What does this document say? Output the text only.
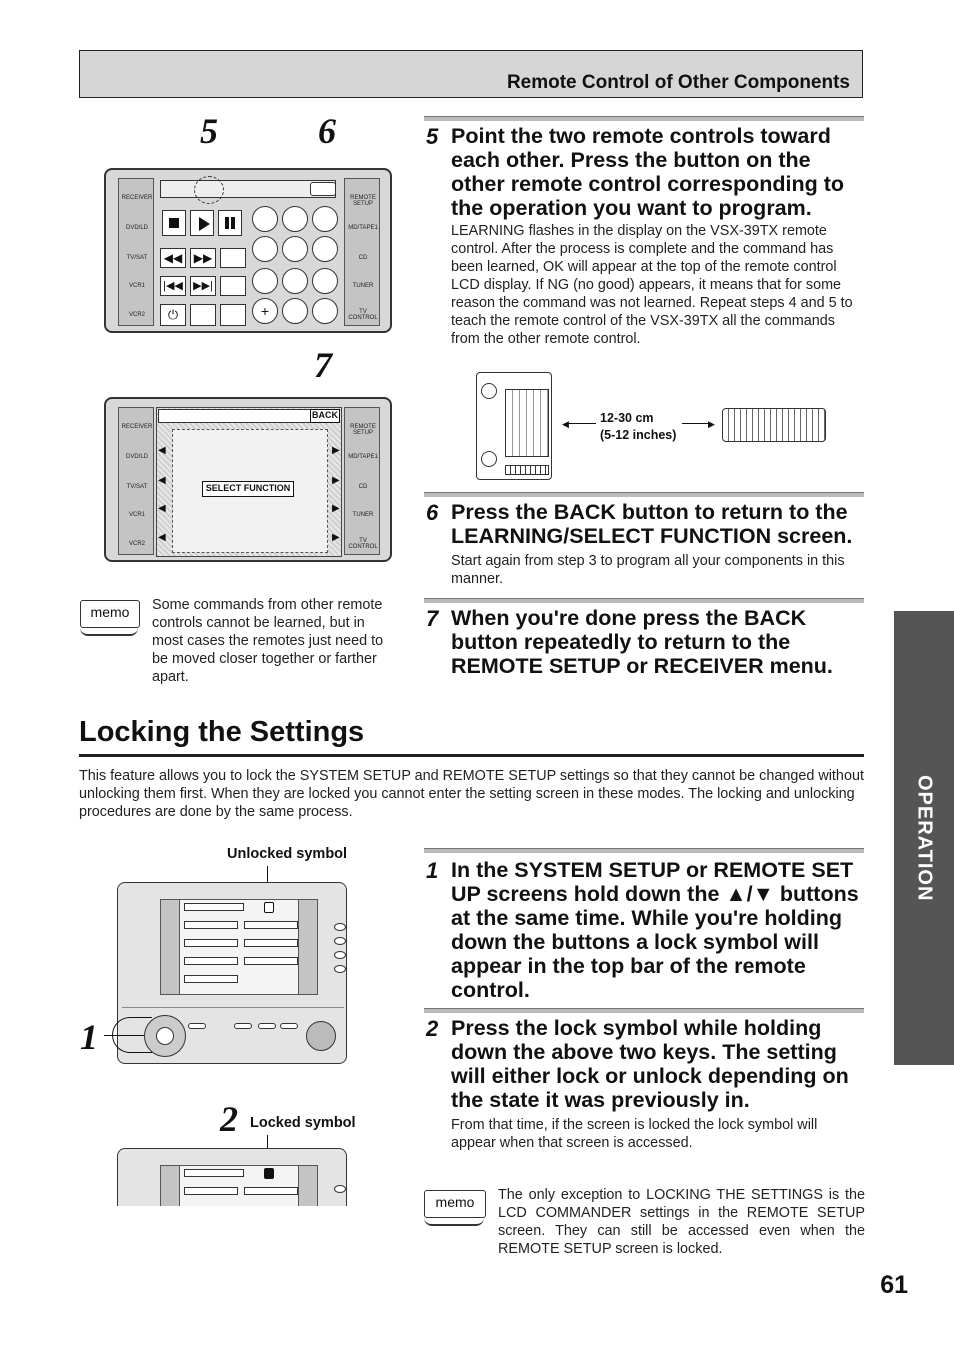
Remote Control of Other Components
5	6
RECEIVER
DVD/LD
TV/SAT
VCR1
VCR2
REMOTE SETUP
MD/TAPE1
CD
TUNER
TV CONTROL
◀◀ ▶▶
|◀◀ ▶▶|
⏻	+
7
RECEIVER
DVD/LD
TV/SAT
VCR1
VCR2
REMOTE SETUP
MD/TAPE1
CD
TUNER
TV CONTROL
BACK
SELECT FUNCTION
◀
◀
◀
◀
▶
▶
▶
▶
memo	Some commands from other remote controls cannot be learned, but in most cases the remotes just need to be moved closer together or farther apart.
5 Point the two remote controls toward each other. Press the button on the other remote control corresponding to the operation you want to program.
LEARNING flashes in the display on the VSX-39TX remote control. After the process is complete and the command has been learned, OK will appear at the top of the remote control LCD display. If NG (no good) appears, it means that for some reason the command was not learned. Repeat steps 4 and 5 to teach the remote control of the VSX-39TX all the commands from the other remote control.
◀	▶
12-30 cm
(5-12 inches)
6 Press the BACK button to return to the LEARNING/SELECT FUNCTION screen.
Start again from step 3 to program all your components in this manner.
7 When you're done press the BACK button repeatedly to return to the REMOTE SETUP or RECEIVER menu.
Locking the Settings
This feature allows you to lock the SYSTEM SETUP and REMOTE SETUP settings so that they cannot be changed without unlocking them first. When they are locked you cannot enter the setting screen in these modes. The locking and unlocking procedures are done by the same process.	OPERATION
Unlocked symbol
1
2 Locked symbol
1 In the SYSTEM SETUP or REMOTE SET UP screens hold down the ▲/▼ buttons at the same time. While you're holding down the buttons a lock symbol will appear in the top bar of the remote control.
2 Press the lock symbol while holding down the above two keys. The setting will either lock or unlock depending on the state it was previously in.
From that time, if the screen is locked the lock symbol will appear when that screen is accessed.
memo	The only exception to LOCKING THE SETTINGS is the LCD COMMANDER settings in the REMOTE SETUP screen. They can still be accessed even when the REMOTE SETUP screen is locked.
61
